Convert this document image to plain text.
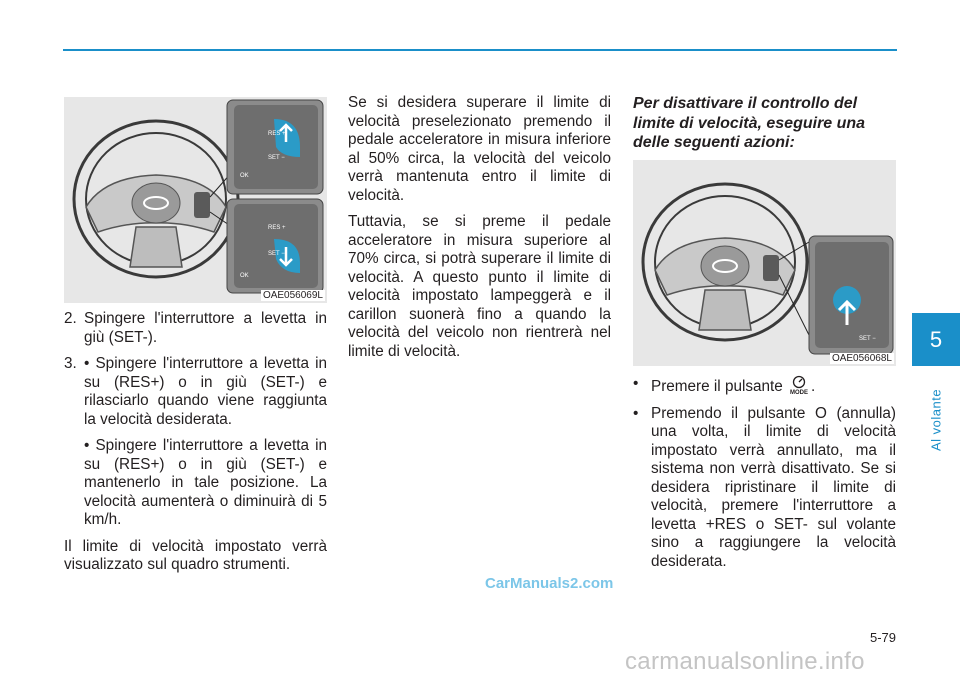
RES +
SET −
OK
RES +
SET −
OK
OAE056069L
2. Spingere l'interruttore a levetta in giù (SET-).
3. • Spingere l'interruttore a levetta in su (RES+) o in giù (SET-) e rilasciarlo quando viene raggiunta la velocità desiderata.
• Spingere l'interruttore a levetta in su (RES+) o in giù (SET-) e mantenerlo in tale posizione. La velocità aumenterà o diminuirà di 5 km/h.

Il limite di velocità impostato verrà visualizzato sul quadro strumenti.

Se si desidera superare il limite di velocità preselezionato premendo il pedale acceleratore in misura inferiore al 50% circa, la velocità del veicolo verrà mantenuta entro il limite di velocità.

Tuttavia, se si preme il pedale acceleratore in misura superiore al 70% circa, si potrà superare il limite di velocità. A questo punto il limite di velocità impostato lampeggerà e il carillon suonerà fino a quando la velocità del veicolo non rientrerà nel limite di velocità.

Per disattivare il controllo del limite di velocità, eseguire una delle seguenti azioni:
SET −
OAE056068L
• Premere il pulsante MODE .
• Premendo il pulsante O (annulla) una volta, il limite di velocità impostato verrà annullato, ma il sistema non verrà disattivato. Se si desidera ripristinare il limite di velocità, premere l'interruttore a levetta +RES o SET- sul volante sino a raggiungere la velocità desiderata.
5
Al volante
5-79
CarManuals2.com
carmanualsonline.info
